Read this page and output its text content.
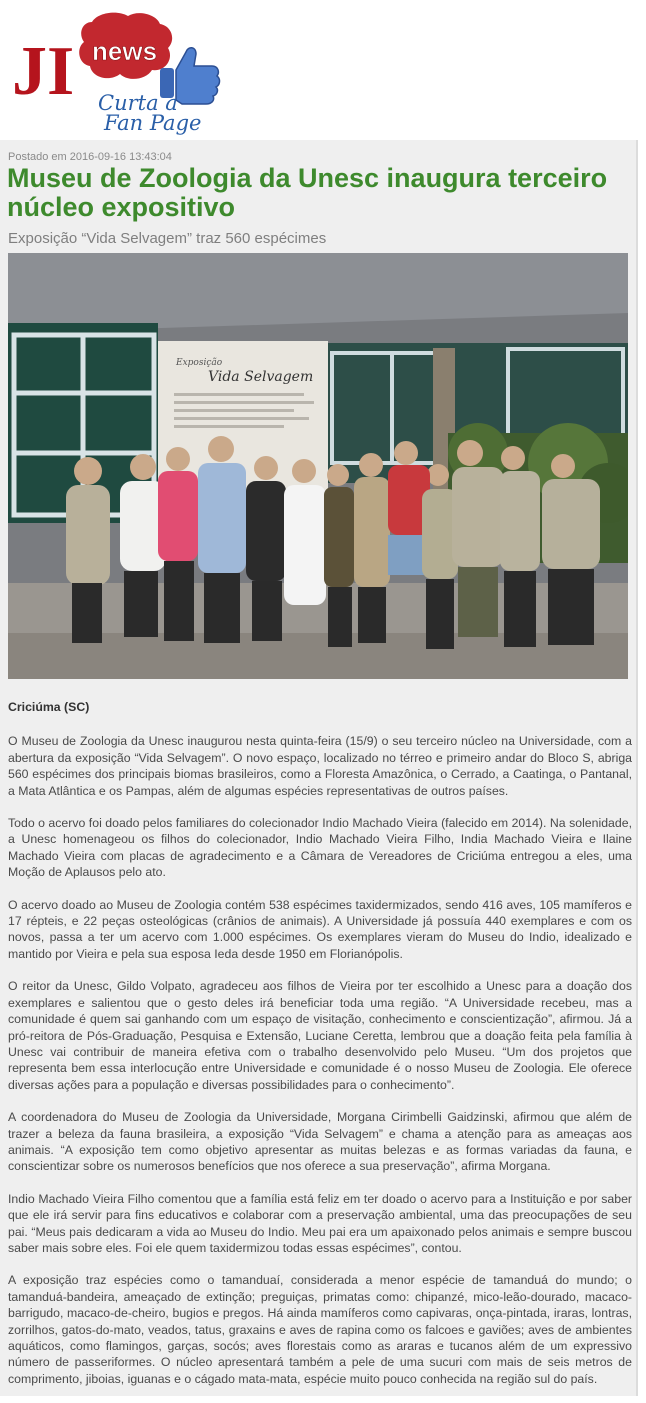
JI news
Curta a
Fan Page
Postado em 2016-09-16 13:43:04
Museu de Zoologia da Unesc inaugura terceiro núcleo expositivo
Exposição “Vida Selvagem” traz 560 espécimes
Exposição
Vida Selvagem

Criciúma (SC)

O Museu de Zoologia da Unesc inaugurou nesta quinta-feira (15/9) o seu terceiro núcleo na Universidade, com a abertura da exposição “Vida Selvagem”. O novo espaço, localizado no térreo e primeiro andar do Bloco S, abriga 560 espécimes dos principais biomas brasileiros, como a Floresta Amazônica, o Cerrado, a Caatinga, o Pantanal, a Mata Atlântica e os Pampas, além de algumas espécies representativas de outros países.

Todo o acervo foi doado pelos familiares do colecionador Indio Machado Vieira (falecido em 2014). Na solenidade, a Unesc homenageou os filhos do colecionador, Indio Machado Vieira Filho, India Machado Vieira e Ilaine Machado Vieira com placas de agradecimento e a Câmara de Vereadores de Criciúma entregou a eles, uma Moção de Aplausos pelo ato.

O acervo doado ao Museu de Zoologia contém 538 espécimes taxidermizados, sendo 416 aves, 105 mamíferos e 17 répteis, e 22 peças osteológicas (crânios de animais). A Universidade já possuía 440 exemplares e com os novos, passa a ter um acervo com 1.000 espécimes. Os exemplares vieram do Museu do Indio, idealizado e mantido por Vieira e pela sua esposa Ieda desde 1950 em Florianópolis.

O reitor da Unesc, Gildo Volpato, agradeceu aos filhos de Vieira por ter escolhido a Unesc para a doação dos exemplares e salientou que o gesto deles irá beneficiar toda uma região. “A Universidade recebeu, mas a comunidade é quem sai ganhando com um espaço de visitação, conhecimento e conscientização”, afirmou. Já a pró-reitora de Pós-Graduação, Pesquisa e Extensão, Luciane Ceretta, lembrou que a doação feita pela família à Unesc vai contribuir de maneira efetiva com o trabalho desenvolvido pelo Museu. “Um dos projetos que representa bem essa interlocução entre Universidade e comunidade é o nosso Museu de Zoologia. Ele oferece diversas ações para a população e diversas possibilidades para o conhecimento”.

A coordenadora do Museu de Zoologia da Universidade, Morgana Cirimbelli Gaidzinski, afirmou que além de trazer a beleza da fauna brasileira, a exposição “Vida Selvagem” e chama a atenção para as ameaças aos animais. “A exposição tem como objetivo apresentar as muitas belezas e as formas variadas da fauna, e conscientizar sobre os numerosos benefícios que nos oferece a sua preservação”, afirma Morgana.

Indio Machado Vieira Filho comentou que a família está feliz em ter doado o acervo para a Instituição e por saber que ele irá servir para fins educativos e colaborar com a preservação ambiental, uma das preocupações de seu pai. “Meus pais dedicaram a vida ao Museu do Indio. Meu pai era um apaixonado pelos animais e sempre buscou saber mais sobre eles. Foi ele quem taxidermizou todas essas espécimes”, contou.

A exposição traz espécies como o tamanduaí, considerada a menor espécie de tamanduá do mundo; o tamanduá-bandeira, ameaçado de extinção; preguiças, primatas como: chipanzé, mico-leão-dourado, macaco-barrigudo, macaco-de-cheiro, bugios e pregos. Há ainda mamíferos como capivaras, onça-pintada, iraras, lontras, zorrilhos, gatos-do-mato, veados, tatus, graxains e aves de rapina como os falcoes e gaviões; aves de ambientes aquáticos, como flamingos, garças, socós; aves florestais como as araras e tucanos além de um expressivo número de passeriformes. O núcleo apresentará também a pele de uma sucuri com mais de seis metros de comprimento, jiboias, iguanas e o cágado mata-mata, espécie muito pouco conhecida na região sul do país.
